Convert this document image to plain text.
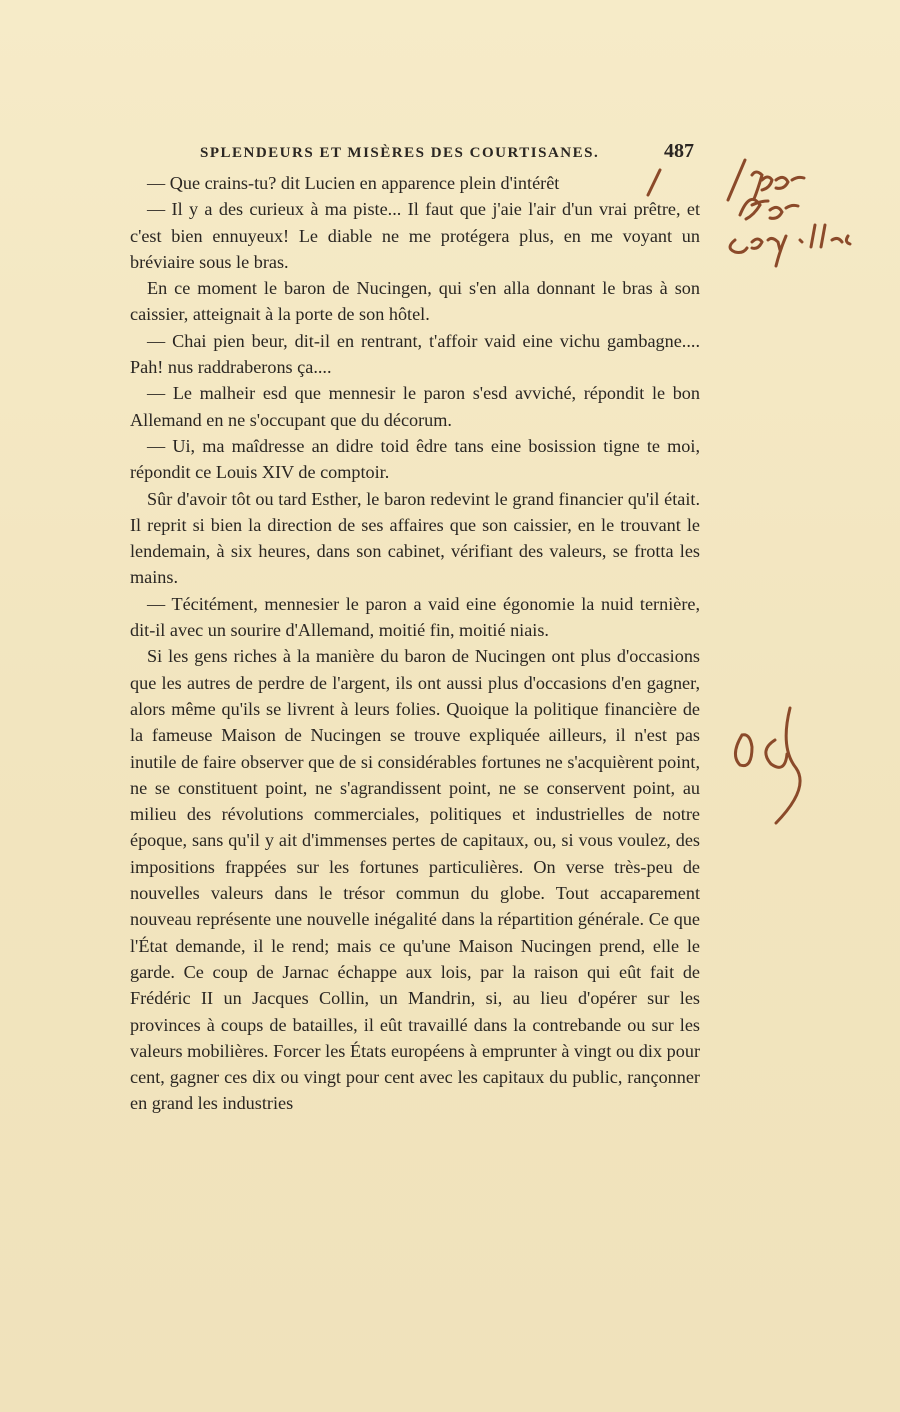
SPLENDEURS ET MISÈRES DES COURTISANES.	487

— Que crains-tu? dit Lucien en apparence plein d'intérêt

— Il y a des curieux à ma piste... Il faut que j'aie l'air d'un vrai prêtre, et c'est bien ennuyeux! Le diable ne me protégera plus, en me voyant un bréviaire sous le bras.

En ce moment le baron de Nucingen, qui s'en alla donnant le bras à son caissier, atteignait à la porte de son hôtel.

— Chai pien beur, dit-il en rentrant, t'affoir vaid eine vichu gambagne.... Pah! nus raddraberons ça....

— Le malheir esd que mennesir le paron s'esd avviché, répondit le bon Allemand en ne s'occupant que du décorum.

— Ui, ma maîdresse an didre toid êdre tans eine bosission tigne te moi, répondit ce Louis XIV de comptoir.

Sûr d'avoir tôt ou tard Esther, le baron redevint le grand financier qu'il était. Il reprit si bien la direction de ses affaires que son caissier, en le trouvant le lendemain, à six heures, dans son cabinet, vérifiant des valeurs, se frotta les mains.

— Técitément, mennesier le paron a vaid eine égonomie la nuid ternière, dit-il avec un sourire d'Allemand, moitié fin, moitié niais.

Si les gens riches à la manière du baron de Nucingen ont plus d'occasions que les autres de perdre de l'argent, ils ont aussi plus d'occasions d'en gagner, alors même qu'ils se livrent à leurs folies. Quoique la politique financière de la fameuse Maison de Nucingen se trouve expliquée ailleurs, il n'est pas inutile de faire observer que de si considérables fortunes ne s'acquièrent point, ne se constituent point, ne s'agrandissent point, ne se conservent point, au milieu des révolutions commerciales, politiques et industrielles de notre époque, sans qu'il y ait d'immenses pertes de capitaux, ou, si vous voulez, des impositions frappées sur les fortunes particulières. On verse très-peu de nouvelles valeurs dans le trésor commun du globe. Tout accaparement nouveau représente une nouvelle inégalité dans la répartition générale. Ce que l'État demande, il le rend; mais ce qu'une Maison Nucingen prend, elle le garde. Ce coup de Jarnac échappe aux lois, par la raison qui eût fait de Frédéric II un Jacques Collin, un Mandrin, si, au lieu d'opérer sur les provinces à coups de batailles, il eût travaillé dans la contrebande ou sur les valeurs mobilières. Forcer les États européens à emprunter à vingt ou dix pour cent, gagner ces dix ou vingt pour cent avec les capitaux du public, rançonner en grand les industries
